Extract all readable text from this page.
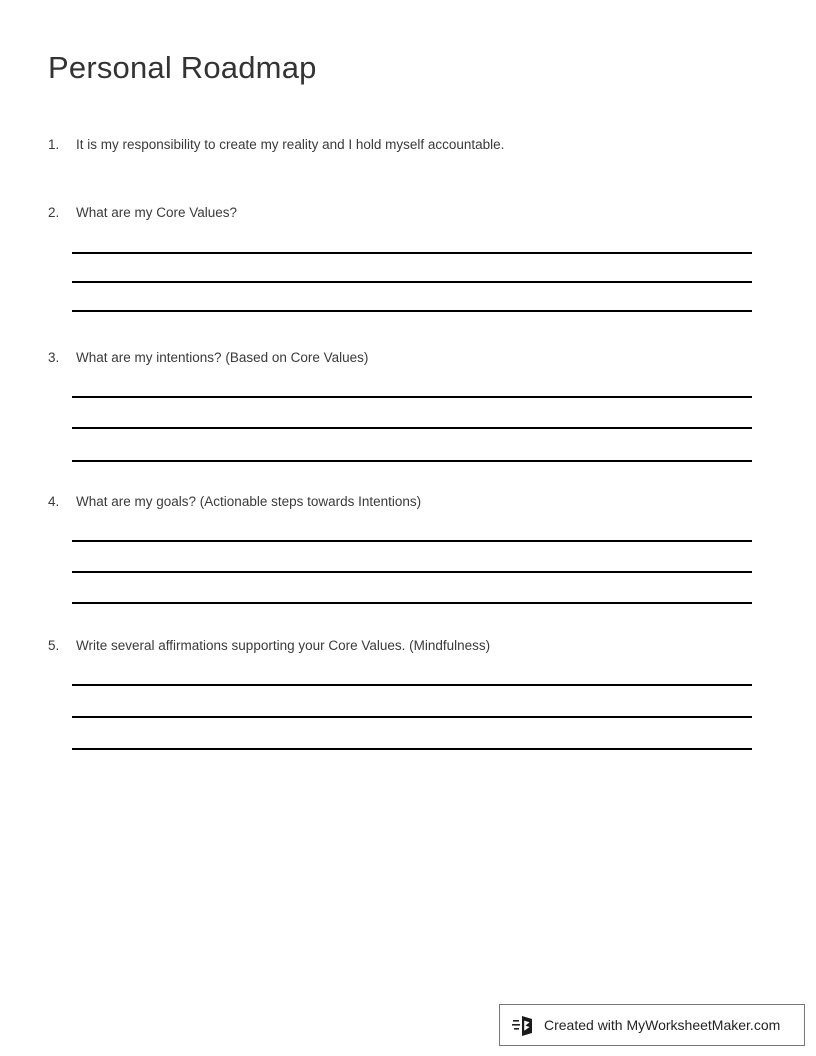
Personal Roadmap
1. It is my responsibility to create my reality and I hold myself accountable.
2. What are my Core Values?
3. What are my intentions? (Based on Core Values)
4. What are my goals? (Actionable steps towards Intentions)
5. Write several affirmations supporting your Core Values. (Mindfulness)
Created with MyWorksheetMaker.com
